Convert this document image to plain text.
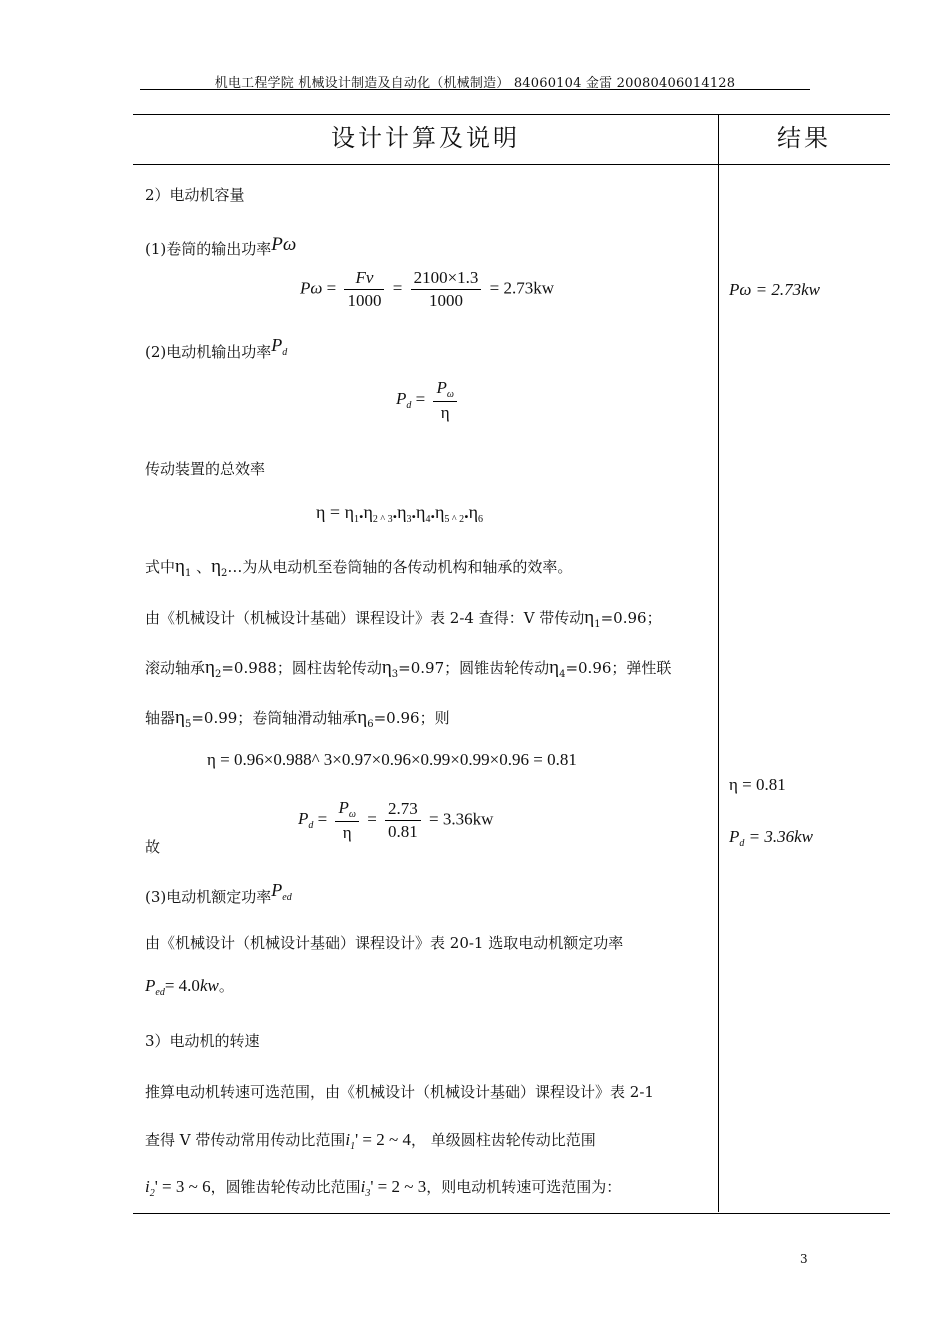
机电工程学院 机械设计制造及自动化（机械制造） 84060104 金雷 20080406014128
设计计算及说明	结果
2）电动机容量
(1)卷筒的输出功率Pω
$P\omega = \frac{Fv}{1000} = \frac{2100\times 1.3}{1000} = 2.73kw$	Pω = 2.73kw
(2)电动机输出功率$P_d$
$P_d = \frac{P_\omega}{\eta}$
传动装置的总效率
$\eta = \eta_1.\eta_{2 \^{} 3}.\eta_3.\eta_4.\eta_{5 \^{} 2}.\eta_6$
式中$\eta_1$ 、$\eta_2\dots$为从电动机至卷筒轴的各传动机构和轴承的效率。
由《机械设计（机械设计基础）课程设计》表 2-4 查得：V 带传动$\eta_1=0.96$；
滚动轴承$\eta_2=0.988$；圆柱齿轮传动$\eta_3=0.97$；圆锥齿轮传动$\eta_4=0.96$；弹性联
轴器$\eta_5=0.99$；卷筒轴滑动轴承$\eta_6=0.96$；则
η = 0.96×0.988^ 3×0.97×0.96×0.99×0.99×0.96 = 0.81
η = 0.81
$P_d = \frac{P_\omega}{\eta} = \frac{2.73}{0.81} = 3.36kw$
$P_d = 3.36kw$
故
(3)电动机额定功率$P_{ed}$
由《机械设计（机械设计基础）课程设计》表 20-1 选取电动机额定功率
$P_{ed}= 4.0kw$。
3）电动机的转速
推算电动机转速可选范围，由《机械设计（机械设计基础）课程设计》表 2-1
查得 V 带传动常用传动比范围$i_1' = 2$ ~ 4， 单级圆柱齿轮传动比范围
$i_2' = 3$ ~ 6，圆锥齿轮传动比范围$i_3' = 2$ ~ 3，则电动机转速可选范围为：
3
